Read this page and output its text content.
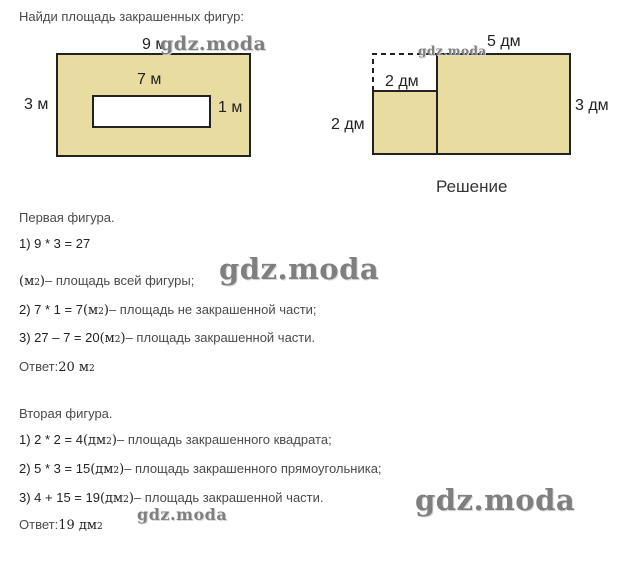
Найди площадь закрашенных фигур:
9 м
7 м
3 м	1 м
5 дм
2 дм
2 дм
3 дм
Решение
Первая фигура.
1) 9 * 3 = 27
(м 2 ) – площадь всей фигуры;
2) 7 * 1 = 7 (м 2 ) – площадь не закрашенной части;
3) 27 – 7 = 20 (м 2 ) – площадь закрашенной части.
Ответ: 20 м 2
Вторая фигура.
1) 2 * 2 = 4 (дм 2 ) – площадь закрашенного квадрата;
2) 5 * 3 = 15 (дм 2 ) – площадь закрашенного прямоугольника;
3) 4 + 15 = 19 (дм 2 ) – площадь закрашенной части.
Ответ: 19 дм 2
gdz.moda	gdz.moda
gdz.moda
gdz.moda
gdz.moda
